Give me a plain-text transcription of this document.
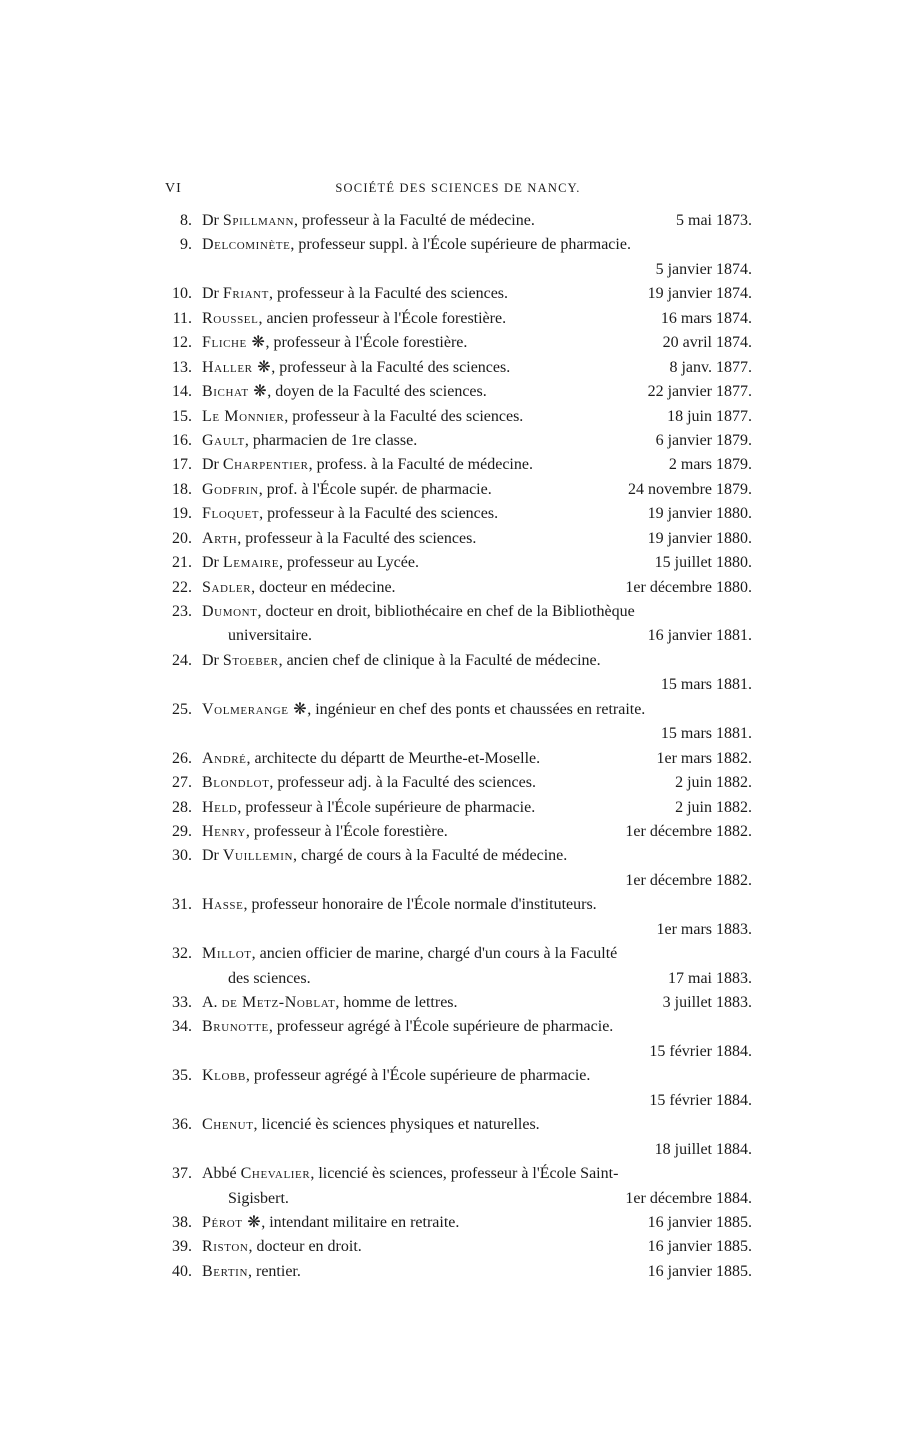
VI	SOCIÉTÉ DES SCIENCES DE NANCY.
8. Dr Spillmann, professeur à la Faculté de médecine.	5 mai 1873.
9. Delcominète, professeur suppl. à l'École supérieure de pharmacie.
5 janvier 1874.
10. Dr Friant, professeur à la Faculté des sciences.	19 janvier 1874.
11. Roussel, ancien professeur à l'École forestière.	16 mars 1874.
12. Fliche ❋, professeur à l'École forestière.	20 avril 1874.
13. Haller ❋, professeur à la Faculté des sciences.	8 janv. 1877.
14. Bichat ❋, doyen de la Faculté des sciences.	22 janvier 1877.
15. Le Monnier, professeur à la Faculté des sciences.	18 juin 1877.
16. Gault, pharmacien de 1re classe.	6 janvier 1879.
17. Dr Charpentier, profess. à la Faculté de médecine.	2 mars 1879.
18. Godfrin, prof. à l'École supér. de pharmacie.	24 novembre 1879.
19. Floquet, professeur à la Faculté des sciences.	19 janvier 1880.
20. Arth, professeur à la Faculté des sciences.	19 janvier 1880.
21. Dr Lemaire, professeur au Lycée.	15 juillet 1880.
22. Sadler, docteur en médecine.	1er décembre 1880.
23. Dumont, docteur en droit, bibliothécaire en chef de la Bibliothèque
universitaire.	16 janvier 1881.
24. Dr Stoeber, ancien chef de clinique à la Faculté de médecine.
15 mars 1881.
25. Volmerange ❋, ingénieur en chef des ponts et chaussées en retraite.
15 mars 1881.
26. André, architecte du départt de Meurthe-et-Moselle.	1er mars 1882.
27. Blondlot, professeur adj. à la Faculté des sciences.	2 juin 1882.
28. Held, professeur à l'École supérieure de pharmacie.	2 juin 1882.
29. Henry, professeur à l'École forestière.	1er décembre 1882.
30. Dr Vuillemin, chargé de cours à la Faculté de médecine.
1er décembre 1882.
31. Hasse, professeur honoraire de l'École normale d'instituteurs.
1er mars 1883.
32. Millot, ancien officier de marine, chargé d'un cours à la Faculté
des sciences.	17 mai 1883.
33. A. de Metz-Noblat, homme de lettres.	3 juillet 1883.
34. Brunotte, professeur agrégé à l'École supérieure de pharmacie.
15 février 1884.
35. Klobb, professeur agrégé à l'École supérieure de pharmacie.
15 février 1884.
36. Chenut, licencié ès sciences physiques et naturelles.
18 juillet 1884.
37. Abbé Chevalier, licencié ès sciences, professeur à l'École Saint-
Sigisbert.	1er décembre 1884.
38. Pérot ❋, intendant militaire en retraite.	16 janvier 1885.
39. Riston, docteur en droit.	16 janvier 1885.
40. Bertin, rentier.	16 janvier 1885.
